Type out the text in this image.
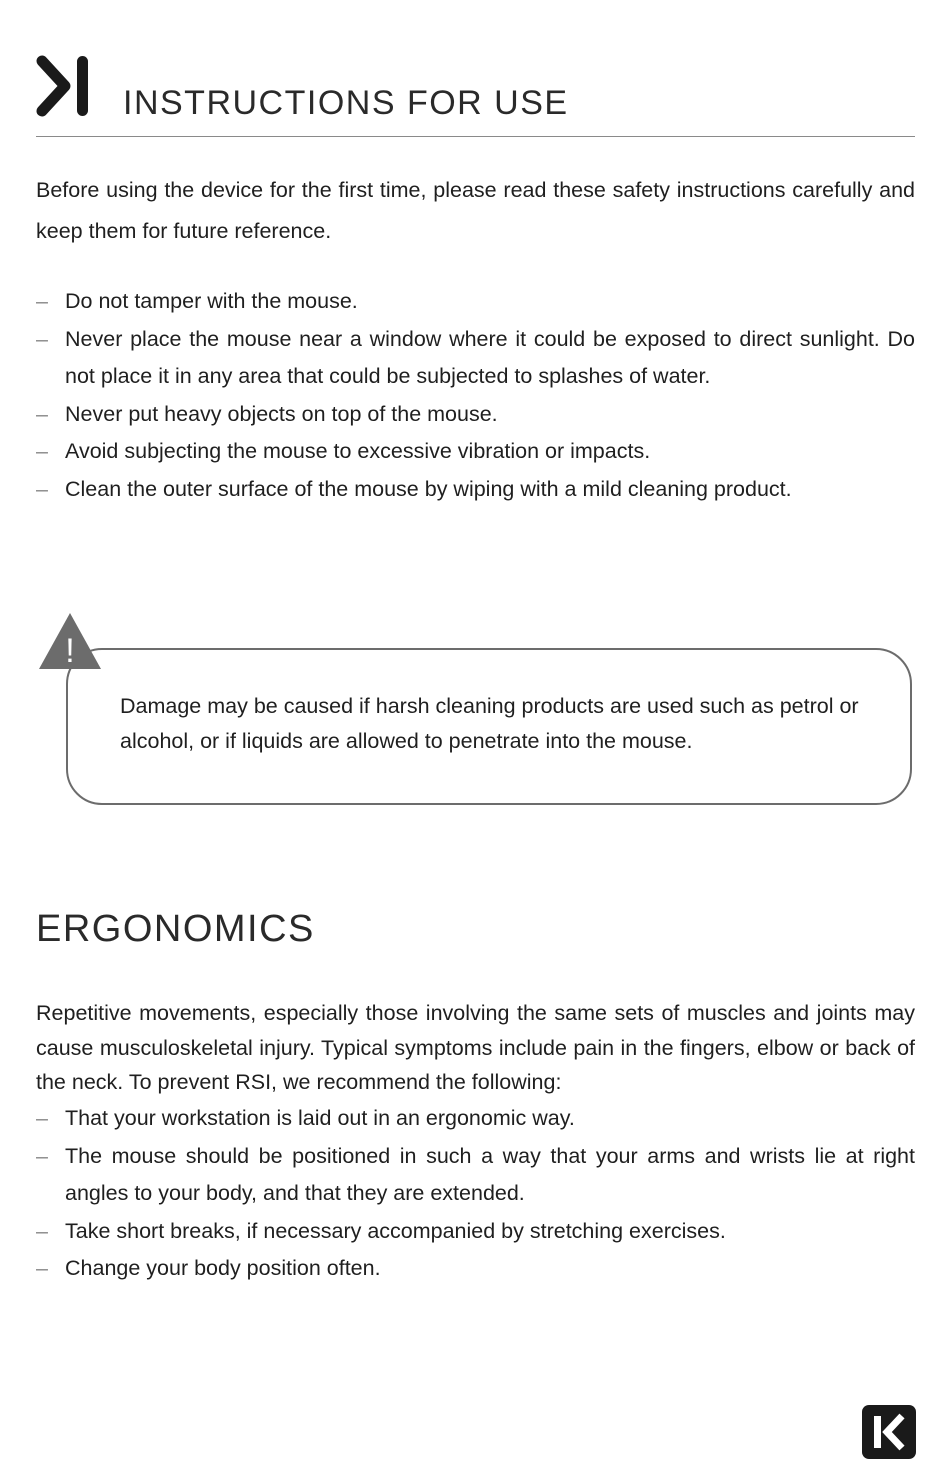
INSTRUCTIONS FOR USE

Before using the device for the first time, please read these safety instructions carefully and keep them for future reference.

– Do not tamper with the mouse.
– Never place the mouse near a window where it could be exposed to direct sunlight. Do not place it in any area that could be subjected to splashes of water.
– Never put heavy objects on top of the mouse.
– Avoid subjecting the mouse to excessive vibration or impacts.
– Clean the outer surface of the mouse by wiping with a mild cleaning product.
!

Damage may be caused if harsh cleaning products are used such as petrol or alcohol, or if liquids are allowed to penetrate into the mouse.

ERGONOMICS

Repetitive movements, especially those involving the same sets of muscles and joints may cause musculoskeletal injury. Typical symptoms include pain in the fingers, elbow or back of the neck. To prevent RSI, we recommend the following:

– That your workstation is laid out in an ergonomic way.
– The mouse should be positioned in such a way that your arms and wrists lie at right angles to your body, and that they are extended.
– Take short breaks, if necessary accompanied by stretching exercises.
– Change your body position often.
